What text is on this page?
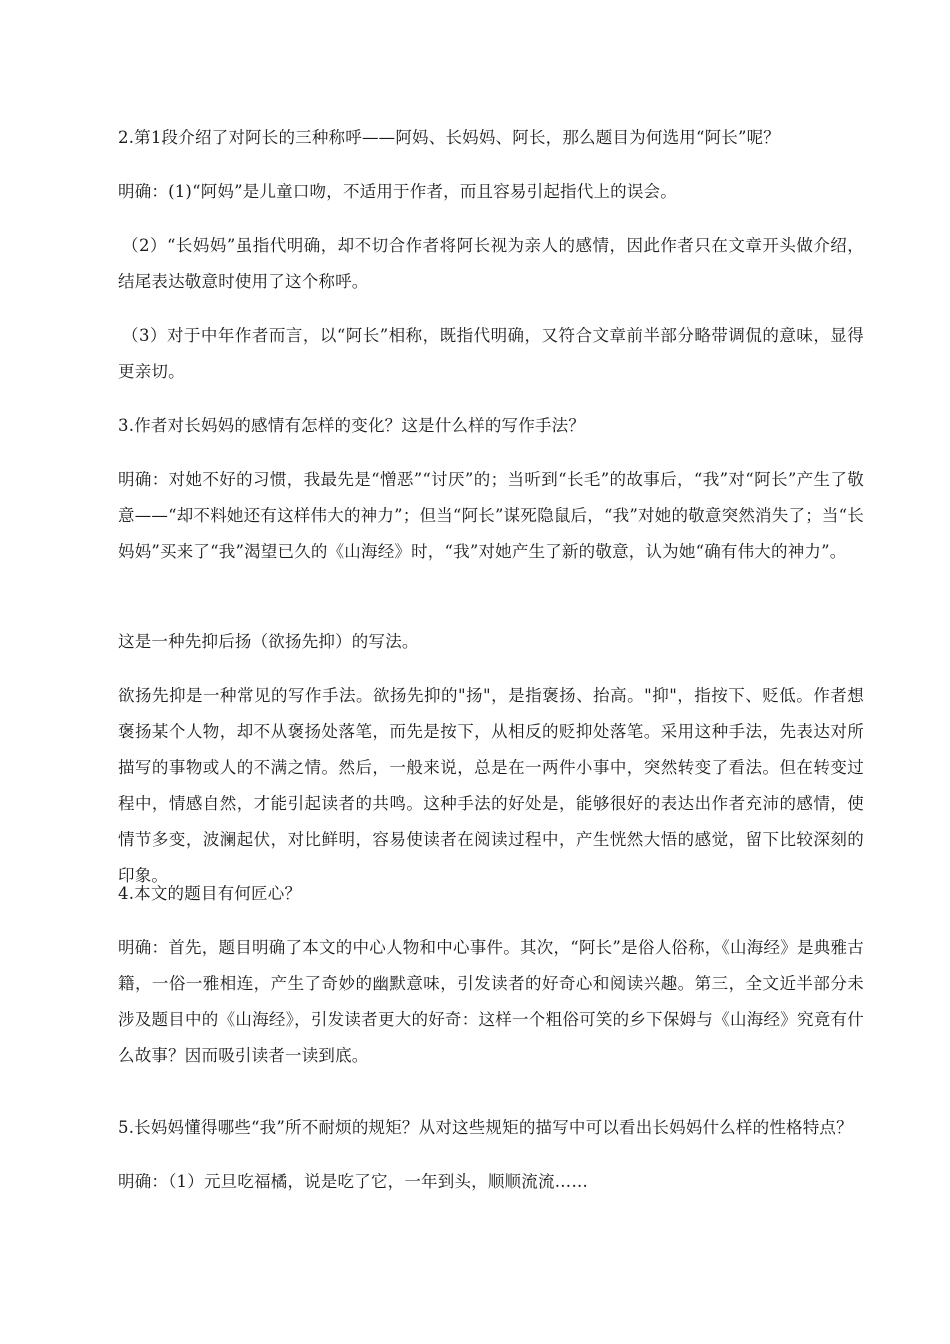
2.第1段介绍了对阿长的三种称呼——阿妈、长妈妈、阿长，那么题目为何选用“阿长”呢？

明确：(1)“阿妈”是儿童口吻，不适用于作者，而且容易引起指代上的误会。

（2）“长妈妈”虽指代明确，却不切合作者将阿长视为亲人的感情，因此作者只在文章开头做介绍，结尾表达敬意时使用了这个称呼。

（3）对于中年作者而言，以“阿长”相称，既指代明确，又符合文章前半部分略带调侃的意味，显得更亲切。

3.作者对长妈妈的感情有怎样的变化？这是什么样的写作手法？

明确：对她不好的习惯，我最先是“憎恶”“讨厌”的；当听到“长毛”的故事后，“我”对“阿长”产生了敬意——“却不料她还有这样伟大的神力”；但当“阿长”谋死隐鼠后，“我”对她的敬意突然消失了；当“长妈妈”买来了“我”渴望已久的《山海经》时，“我”对她产生了新的敬意，认为她“确有伟大的神力”。

这是一种先抑后扬（欲扬先抑）的写法。

欲扬先抑是一种常见的写作手法。欲扬先抑的"扬"，是指褒扬、抬高。"抑"，指按下、贬低。作者想褒扬某个人物，却不从褒扬处落笔，而先是按下，从相反的贬抑处落笔。采用这种手法，先表达对所描写的事物或人的不满之情。然后，一般来说，总是在一两件小事中，突然转变了看法。但在转变过程中，情感自然，才能引起读者的共鸣。这种手法的好处是，能够很好的表达出作者充沛的感情，使情节多变，波澜起伏，对比鲜明，容易使读者在阅读过程中，产生恍然大悟的感觉，留下比较深刻的印象。

4.本文的题目有何匠心？

明确：首先，题目明确了本文的中心人物和中心事件。其次，“阿长”是俗人俗称，《山海经》是典雅古籍，一俗一雅相连，产生了奇妙的幽默意味，引发读者的好奇心和阅读兴趣。第三，全文近半部分未涉及题目中的《山海经》，引发读者更大的好奇：这样一个粗俗可笑的乡下保姆与《山海经》究竟有什么故事？因而吸引读者一读到底。

5.长妈妈懂得哪些“我”所不耐烦的规矩？从对这些规矩的描写中可以看出长妈妈什么样的性格特点？

明确：（1）元旦吃福橘，说是吃了它，一年到头，顺顺流流……
